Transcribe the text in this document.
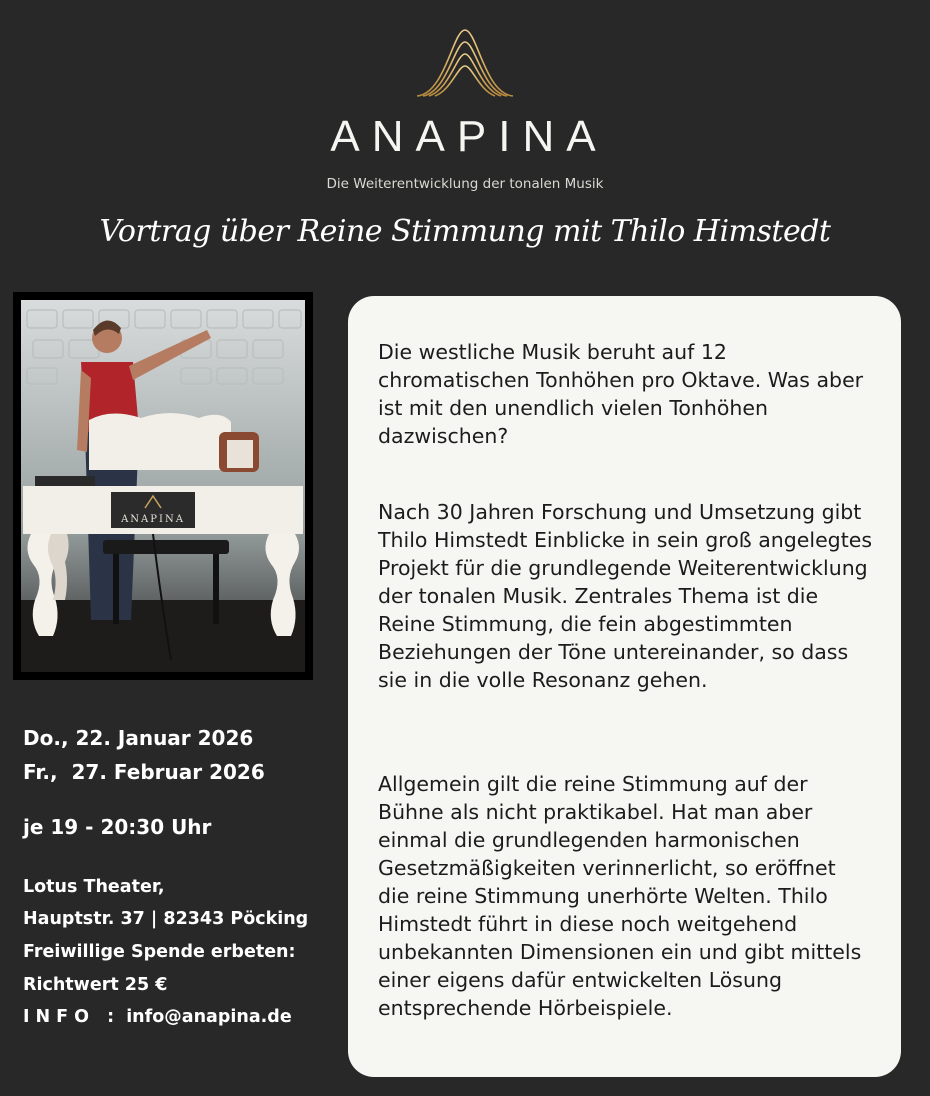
ANAPINA
Die Weiterentwicklung der tonalen Musik
Vortrag über Reine Stimmung mit Thilo Himstedt
ANAPINA
Do., 22. Januar 2026
Fr.,  27. Februar 2026
je 19 - 20:30 Uhr
Lotus Theater,
Hauptstr. 37 | 82343 Pöcking
Freiwillige Spende erbeten:
Richtwert 25 €
INFO : info@anapina.de

Die westliche Musik beruht auf 12 chromatischen Tonhöhen pro Oktave. Was aber ist mit den unendlich vielen Tonhöhen dazwischen?

Nach 30 Jahren Forschung und Umsetzung gibt Thilo Himstedt Einblicke in sein groß angelegtes Projekt für die grundlegende Weiterentwicklung der tonalen Musik. Zentrales Thema ist die Reine Stimmung, die fein abgestimmten Beziehungen der Töne untereinander, so dass sie in die volle Resonanz gehen.

Allgemein gilt die reine Stimmung auf der Bühne als nicht praktikabel. Hat man aber einmal die grundlegenden harmonischen Gesetzmäßigkeiten verinnerlicht, so eröffnet die reine Stimmung unerhörte Welten. Thilo Himstedt führt in diese noch weitgehend unbekannten Dimensionen ein und gibt mittels einer eigens dafür entwickelten Lösung entsprechende Hörbeispiele.
